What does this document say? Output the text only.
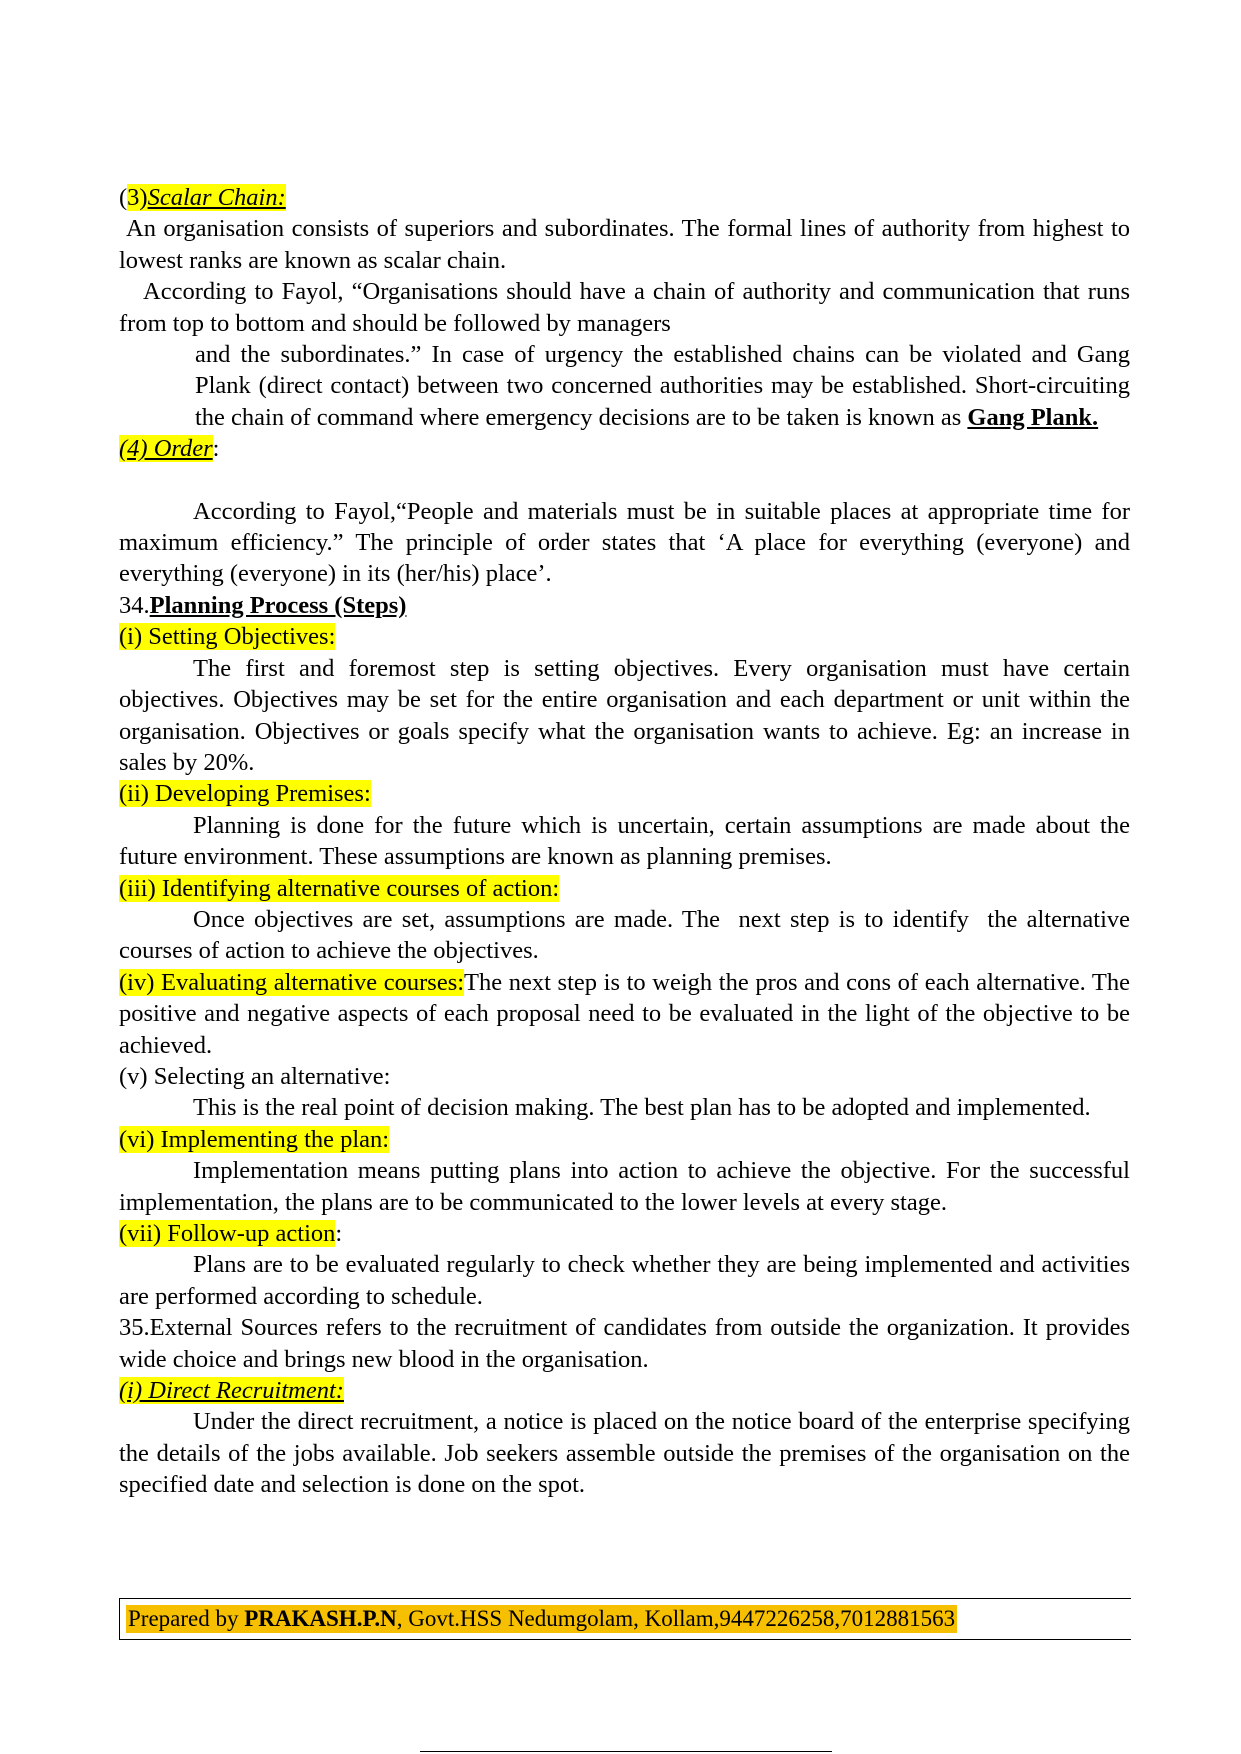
(3)Scalar Chain:

An organisation consists of superiors and subordinates. The formal lines of authority from highest to lowest ranks are known as scalar chain.

According to Fayol, “Organisations should have a chain of authority and communication that runs from top to bottom and should be followed by managers

and the subordinates.” In case of urgency the established chains can be violated and Gang Plank (direct contact) between two concerned authorities may be established. Short-circuiting the chain of command where emergency decisions are to be taken is known as Gang Plank.

(4) Order:

According to Fayol,“People and materials must be in suitable places at appropriate time for maximum efficiency.” The principle of order states that ‘A place for everything (everyone) and everything (everyone) in its (her/his) place’.

34.Planning Process (Steps)

(i) Setting Objectives:

The first and foremost step is setting objectives. Every organisation must have certain objectives. Objectives may be set for the entire organisation and each department or unit within the organisation. Objectives or goals specify what the organisation wants to achieve. Eg: an increase in sales by 20%.

(ii) Developing Premises:

Planning is done for the future which is uncertain, certain assumptions are made about the future environment. These assumptions are known as planning premises.

(iii) Identifying alternative courses of action:

Once objectives are set, assumptions are made. The  next step is to identify  the alternative  courses of action to achieve the objectives.

(iv) Evaluating alternative courses:The next step is to weigh the pros and cons of each alternative. The positive and negative aspects of each proposal need to be evaluated in the light of the objective to be achieved.

(v) Selecting an alternative:

This is the real point of decision making. The best plan has to be adopted and implemented.

(vi) Implementing the plan:

Implementation means putting plans into action to achieve the objective. For the successful implementation, the plans are to be communicated to the lower levels at every stage.

(vii) Follow-up action:

Plans are to be evaluated regularly to check whether they are being implemented and activities are performed according to schedule.

35.External Sources refers to the recruitment of candidates from outside the organization. It provides wide choice and brings new blood in the organisation.

(i) Direct Recruitment:

Under the direct recruitment, a notice is placed on the notice board of the enterprise specifying the details of the jobs available. Job seekers assemble outside the premises of the organisation on the specified date and selection is done on the spot.

Prepared by PRAKASH.P.N, Govt.HSS Nedumgolam, Kollam,9447226258,7012881563
